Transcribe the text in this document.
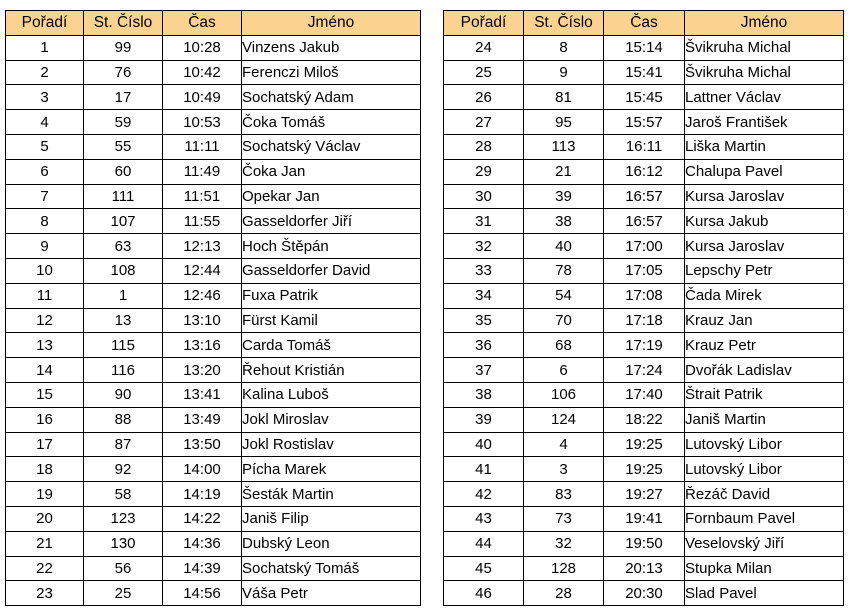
Pořadí	St. Číslo	Čas	Jméno
1	99	10:28	Vinzens Jakub
2	76	10:42	Ferenczi Miloš
3	17	10:49	Sochatský Adam
4	59	10:53	Čoka Tomáš
5	55	11:11	Sochatský Václav
6	60	11:49	Čoka Jan
7	111	11:51	Opekar Jan
8	107	11:55	Gasseldorfer Jiří
9	63	12:13	Hoch Štěpán
10	108	12:44	Gasseldorfer David
11	1	12:46	Fuxa Patrik
12	13	13:10	Fürst Kamil
13	115	13:16	Carda Tomáš
14	116	13:20	Řehout Kristián
15	90	13:41	Kalina Luboš
16	88	13:49	Jokl Miroslav
17	87	13:50	Jokl Rostislav
18	92	14:00	Pícha Marek
19	58	14:19	Šesták Martin
20	123	14:22	Janiš Filip
21	130	14:36	Dubský Leon
22	56	14:39	Sochatský Tomáš
23	25	14:56	Váša Petr
Pořadí	St. Číslo	Čas	Jméno
24	8	15:14	Švikruha Michal
25	9	15:41	Švikruha Michal
26	81	15:45	Lattner Václav
27	95	15:57	Jaroš František
28	113	16:11	Liška Martin
29	21	16:12	Chalupa Pavel
30	39	16:57	Kursa Jaroslav
31	38	16:57	Kursa Jakub
32	40	17:00	Kursa Jaroslav
33	78	17:05	Lepschy Petr
34	54	17:08	Čada Mirek
35	70	17:18	Krauz Jan
36	68	17:19	Krauz Petr
37	6	17:24	Dvořák Ladislav
38	106	17:40	Štrait Patrik
39	124	18:22	Janiš Martin
40	4	19:25	Lutovský Libor
41	3	19:25	Lutovský Libor
42	83	19:27	Řezáč David
43	73	19:41	Fornbaum Pavel
44	32	19:50	Veselovský Jiří
45	128	20:13	Stupka Milan
46	28	20:30	Slad Pavel
